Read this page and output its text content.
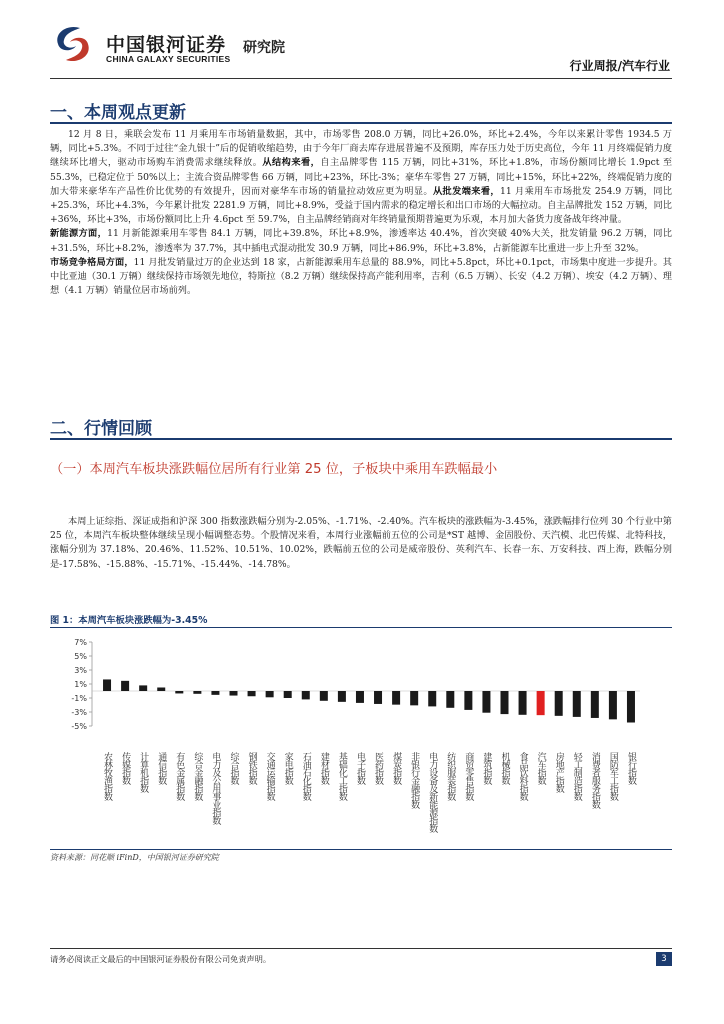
中国银河证券
CHINA GALAXY SECURITIES
研究院
行业周报/汽车行业
一、本周观点更新
12 月 8 日，乘联会发布 11 月乘用车市场销量数据，其中，市场零售 208.0 万辆，同比+26.0%，环比+2.4%，今年以来累计零售 1934.5 万辆，同比+5.3%。不同于过往“金九银十”后的促销收缩趋势，由于今年厂商去库存进展普遍不及预期，库存压力处于历史高位，今年 11 月终端促销力度继续环比增大，驱动市场购车消费需求继续释放。从结构来看，自主品牌零售 115 万辆，同比+31%，环比+1.8%，市场份额同比增长 1.9pct 至 55.3%，已稳定位于 50%以上；主流合资品牌零售 66 万辆，同比+23%，环比-3%；豪华车零售 27 万辆，同比+15%，环比+22%，终端促销力度的加大带来豪华车产品性价比优势的有效提升，因而对豪华车市场的销量拉动效应更为明显。从批发端来看，11 月乘用车市场批发 254.9 万辆，同比+25.3%，环比+4.3%，今年累计批发 2281.9 万辆，同比+8.9%，受益于国内需求的稳定增长和出口市场的大幅拉动。自主品牌批发 152 万辆，同比+36%，环比+3%，市场份额同比上升 4.6pct 至 59.7%，自主品牌经销商对年终销量预期普遍更为乐观，本月加大备货力度备战年终冲量。
新能源方面，11 月新能源乘用车零售 84.1 万辆，同比+39.8%，环比+8.9%，渗透率达 40.4%，首次突破 40%大关，批发销量 96.2 万辆，同比+31.5%，环比+8.2%，渗透率为 37.7%，其中插电式混动批发 30.9 万辆，同比+86.9%，环比+3.8%，占新能源车比重进一步上升至 32%。
市场竞争格局方面，11 月批发销量过万的企业达到 18 家，占新能源乘用车总量的 88.9%，同比+5.8pct，环比+0.1pct，市场集中度进一步提升。其中比亚迪（30.1 万辆）继续保持市场领先地位，特斯拉（8.2 万辆）继续保持高产能利用率，吉利（6.5 万辆）、长安（4.2 万辆）、埃安（4.2 万辆）、理想（4.1 万辆）销量位居市场前列。
二、行情回顾
（一）本周汽车板块涨跌幅位居所有行业第 25 位，子板块中乘用车跌幅最小
本周上证综指、深证成指和沪深 300 指数涨跌幅分别为-2.05%、-1.71%、-2.40%。汽车板块的涨跌幅为-3.45%，涨跌幅排行位列 30 个行业中第 25 位，本周汽车板块整体继续呈现小幅调整态势。个股情况来看，本周行业涨幅前五位的公司是*ST 越博、金固股份、天汽模、北巴传媒、北特科技，涨幅分别为 37.18%、20.46%、11.52%、10.51%、10.02%，跌幅前五位的公司是威帝股份、英利汽车、长春一东、万安科技、西上海，跌幅分别是-17.58%、-15.88%、-15.71%、-15.44%、-14.78%。
图 1：本周汽车板块涨跌幅为-3.45%
7%
5%
3%
1%
-1%
-3%
-5%
农林牧渔指数 传媒指数 计算机指数 通信指数 有色金属指数 综合金融指数 电力及公用事业指数 综合指数 钢铁指数 交通运输指数 家电指数 石油石化指数 建材指数 基础化工指数 电子指数 医药指数 煤炭指数 非银行金融指数 电力设备及新能源指数 纺织服装指数 商贸零售指数 建筑指数 机械指数 食品饮料指数 汽车指数 房地产指数 轻工制造指数 消费者服务指数 国防军工指数 银行指数
资料来源：同花顺 iFinD，中国银河证券研究院
请务必阅读正文最后的中国银河证券股份有限公司免责声明。	3
